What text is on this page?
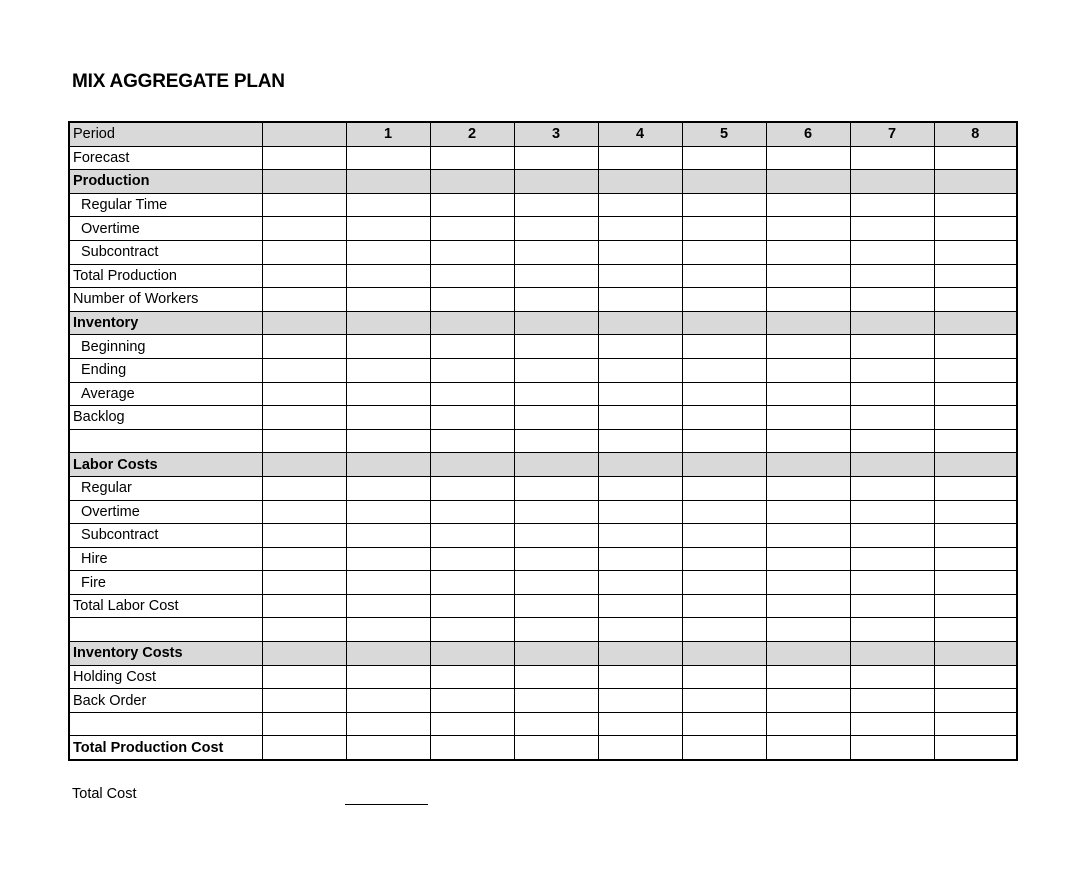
MIX AGGREGATE PLAN
Period		1	2	3	4	5	6	7	8
Forecast									
Production									
Regular Time									
Overtime									
Subcontract									
Total Production									
Number of Workers									
Inventory									
Beginning									
Ending									
Average									
Backlog									

Labor Costs									
Regular									
Overtime									
Subcontract									
Hire									
Fire									
Total Labor Cost									

Inventory Costs									
Holding Cost									
Back Order									

Total Production Cost									
Total Cost
